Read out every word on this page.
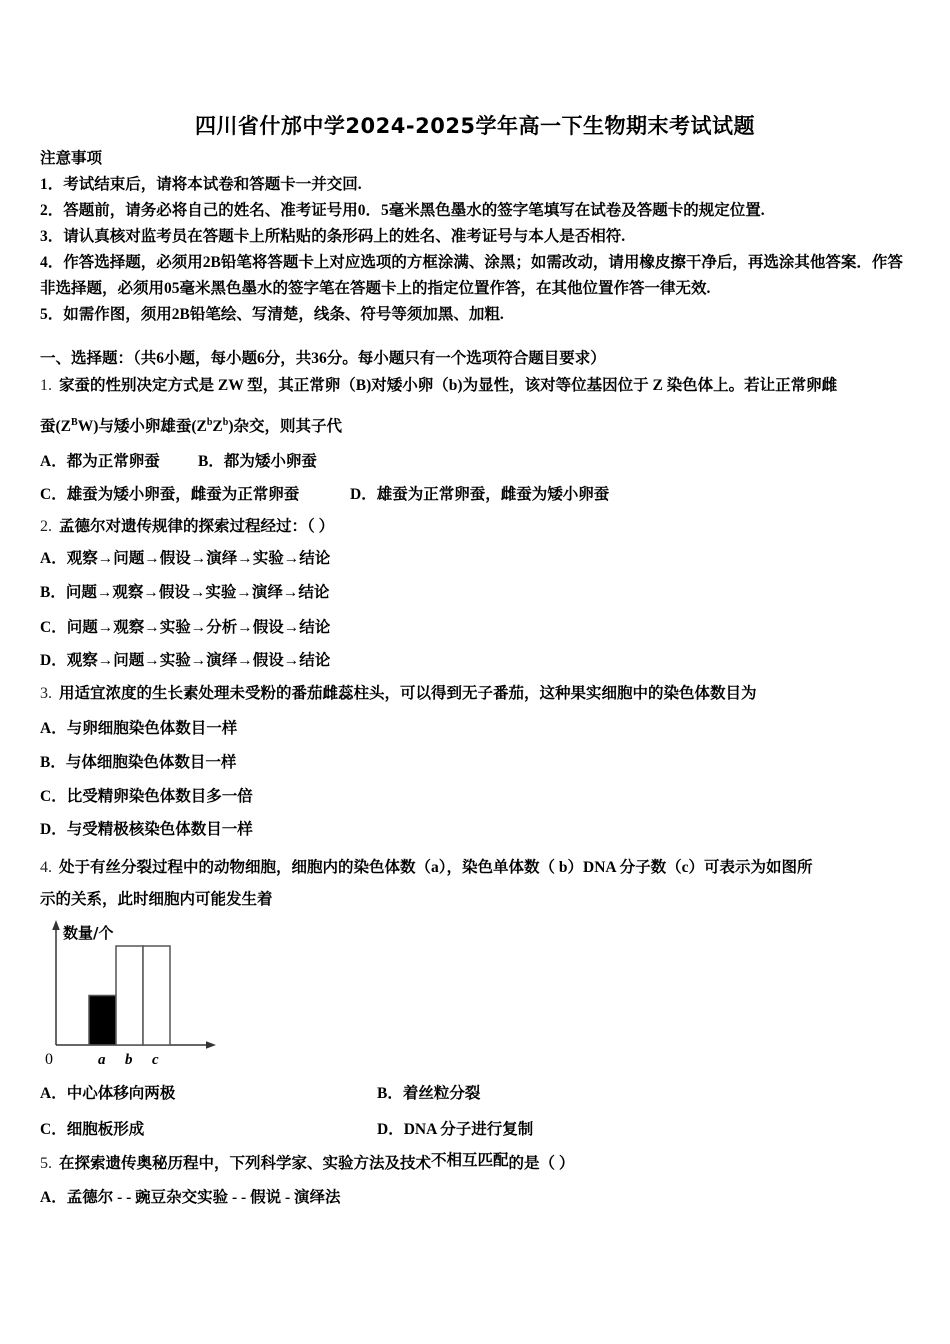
四川省什邡中学2024-2025学年高一下生物期末考试试题
注意事项
1．考试结束后，请将本试卷和答题卡一并交回.
2．答题前，请务必将自己的姓名、准考证号用0．5毫米黑色墨水的签字笔填写在试卷及答题卡的规定位置.
3．请认真核对监考员在答题卡上所粘贴的条形码上的姓名、准考证号与本人是否相符.
4．作答选择题，必须用2B铅笔将答题卡上对应选项的方框涂满、涂黑；如需改动，请用橡皮擦干净后，再选涂其他答案．作答非选择题，必须用05毫米黑色墨水的签字笔在答题卡上的指定位置作答，在其他位置作答一律无效.
5．如需作图，须用2B铅笔绘、写清楚，线条、符号等须加黑、加粗.
一、选择题：（共6小题，每小题6分，共36分。每小题只有一个选项符合题目要求）
1. 家蚕的性别决定方式是 ZW 型，其正常卵（B)对矮小卵（b)为显性，该对等位基因位于 Z 染色体上。若让正常卵雌
蚕$(Z^BW)$与矮小卵雄蚕$(Z^bZ^b)$杂交，则其子代
A．都为正常卵蚕 B．都为矮小卵蚕
C．雄蚕为矮小卵蚕，雌蚕为正常卵蚕	D．雄蚕为正常卵蚕，雌蚕为矮小卵蚕
2. 孟德尔对遗传规律的探索过程经过：（ ）
A．观察→问题→假设→演绎→实验→结论
B．问题→观察→假设→实验→演绎→结论
C．问题→观察→实验→分析→假设→结论
D．观察→问题→实验→演绎→假设→结论
3. 用适宜浓度的生长素处理未受粉的番茄雌蕊柱头，可以得到无子番茄，这种果实细胞中的染色体数目为
A．与卵细胞染色体数目一样
B．与体细胞染色体数目一样
C．比受精卵染色体数目多一倍
D．与受精极核染色体数目一样
4. 处于有丝分裂过程中的动物细胞，细胞内的染色体数（a），染色单体数（ b）DNA 分子数（c）可表示为如图所
示的关系，此时细胞内可能发生着
数量/个
0	a b c
A．中心体移向两极	B．着丝粒分裂
C．细胞板形成	D．DNA 分子进行复制
5. 在探索遗传奥秘历程中，下列科学家、实验方法及技术不相互匹配的是（ ）
A．孟德尔 - - 豌豆杂交实验 - - 假说 - 演绎法
